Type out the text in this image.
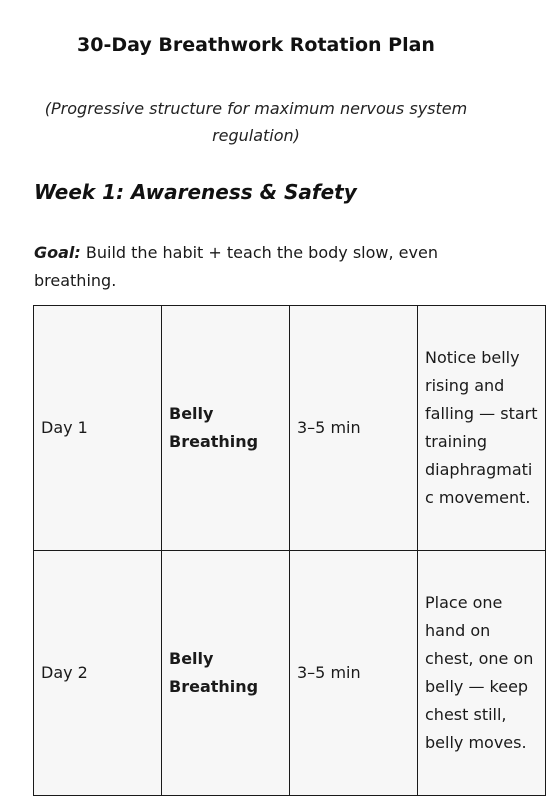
30-Day Breathwork Rotation Plan
(Progressive structure for maximum nervous system regulation)
Week 1: Awareness & Safety
Goal: Build the habit + teach the body slow, even breathing.
Day 1	Belly Breathing	3–5 min	Notice belly rising and falling — start training diaphragmatic movement.
Day 2	Belly Breathing	3–5 min	Place one hand on chest, one on belly — keep chest still, belly moves.
